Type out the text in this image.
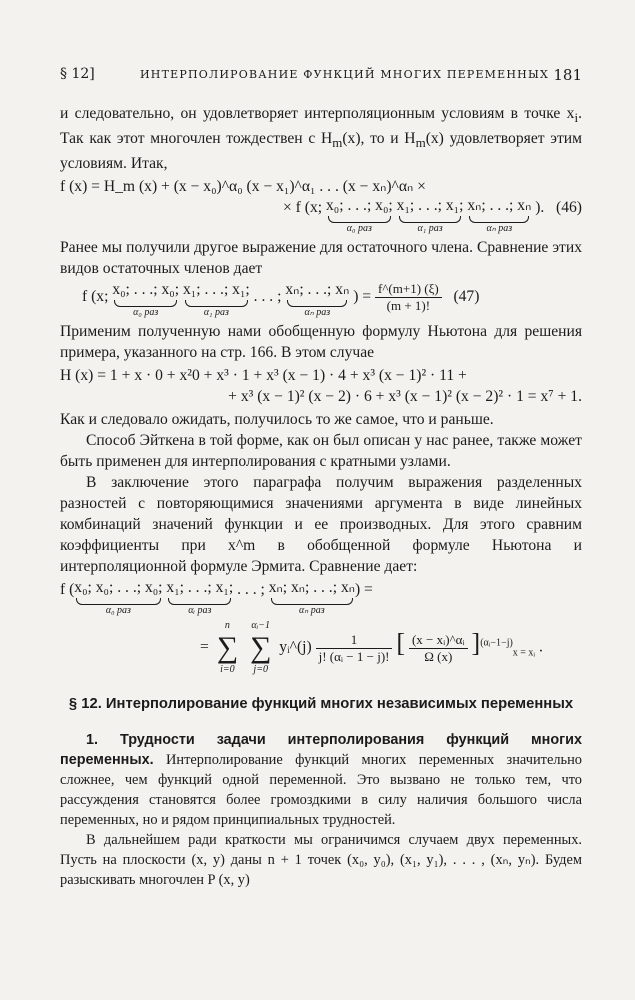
§ 12]	ИНТЕРПОЛИРОВАНИЕ ФУНКЦИЙ МНОГИХ ПЕРЕМЕННЫХ 181

и следовательно, он удовлетворяет интерполяционным условиям в точке $x_i$. Так как этот многочлен тождествен с $H_m(x)$, то и $H_m(x)$ удовлетворяет этим условиям. Итак,

f (x) = H_m (x) + (x − x₀)^α₀ (x − x₁)^α₁ . . . (x − xₙ)^αₙ ×
× f (x; x₀; . . .; x₀;
α₀ раз
x₁; . . .; x₁;
α₁ раз
xₙ; . . .; xₙ
αₙ раз
). (46)

Ранее мы получили другое выражение для остаточного члена. Сравнение этих видов остаточных членов дает

f (x; x₀; . . .; x₀;
α₀ раз
x₁; . . .; x₁;
α₁ раз
. . . ; xₙ; . . .; xₙ
αₙ раз
) = $\frac{f\^{}(m+1) (\xi)}{(m + 1)!} (47)$

Применим полученную нами обобщенную формулу Ньютона для решения примера, указанного на стр. 166. В этом случае

H (x) = 1 + x · 0 + x²0 + x³ · 1 + x³ (x − 1) · 4 + x³ (x − 1)² · 11 +
+ x³ (x − 1)² (x − 2) · 6 + x³ (x − 1)² (x − 2)² · 1 = x⁷ + 1.

Как и следовало ожидать, получилось то же самое, что и раньше.

Способ Эйткена в той форме, как он был описан у нас ранее, также может быть применен для интерполирования с кратными узлами.

В заключение этого параграфа получим выражения разделенных разностей с повторяющимися значениями аргумента в виде линейных комбинаций значений функции и ее производных. Для этого сравним коэффициенты при x^m в обобщенной формуле Ньютона и интерполяционной формуле Эрмита. Сравнение дает:

f (x₀; x₀; . . .; x₀;
α₀ раз
x₁; . . .; x₁;
αᵢ раз
. . . ; xₙ; xₙ; . . .; xₙ
αₙ раз
) =
=
n
∑
i=0

αᵢ−1
∑
j=0
yᵢ^(j) $\frac{1}{\text{j! (αᵢ − 1 − j)!}}$ [ $\frac{\text{(x − xᵢ)\textasciicircum{}αᵢ}}{\Omega (x)} ]^{(\alpha ᵢ-1-j)}_{x = xᵢ}$ .
§ 12. Интерполирование функций многих независимых переменных

1. Трудности задачи интерполирования функций многих переменных. Интерполирование функций многих переменных значительно сложнее, чем функций одной переменной. Это вызвано не только тем, что рассуждения становятся более громоздкими в силу наличия большого числа переменных, но и рядом принципиальных трудностей.

В дальнейшем ради краткости мы ограничимся случаем двух переменных. Пусть на плоскости (x, y) даны n + 1 точек (x₀, y₀), (x₁, y₁), . . . , (xₙ, yₙ). Будем разыскивать многочлен P (x, y)
